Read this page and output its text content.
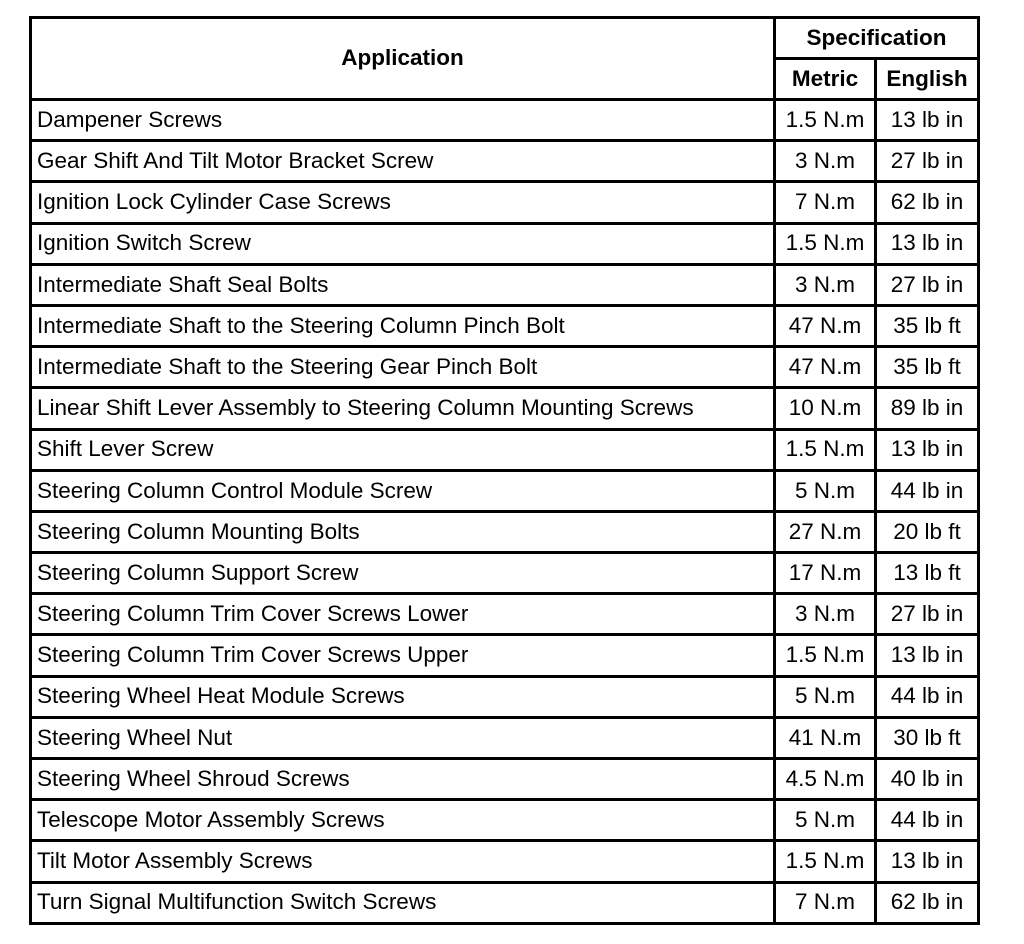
Application	Specification	
	Metric	English
Dampener Screws	1.5 N.m	13 lb in
Gear Shift And Tilt Motor Bracket Screw	3 N.m	27 lb in
Ignition Lock Cylinder Case Screws	7 N.m	62 lb in
Ignition Switch Screw	1.5 N.m	13 lb in
Intermediate Shaft Seal Bolts	3 N.m	27 lb in
Intermediate Shaft to the Steering Column Pinch Bolt	47 N.m	35 lb ft
Intermediate Shaft to the Steering Gear Pinch Bolt	47 N.m	35 lb ft
Linear Shift Lever Assembly to Steering Column Mounting Screws	10 N.m	89 lb in
Shift Lever Screw	1.5 N.m	13 lb in
Steering Column Control Module Screw	5 N.m	44 lb in
Steering Column Mounting Bolts	27 N.m	20 lb ft
Steering Column Support Screw	17 N.m	13 lb ft
Steering Column Trim Cover Screws Lower	3 N.m	27 lb in
Steering Column Trim Cover Screws Upper	1.5 N.m	13 lb in
Steering Wheel Heat Module Screws	5 N.m	44 lb in
Steering Wheel Nut	41 N.m	30 lb ft
Steering Wheel Shroud Screws	4.5 N.m	40 lb in
Telescope Motor Assembly Screws	5 N.m	44 lb in
Tilt Motor Assembly Screws	1.5 N.m	13 lb in
Turn Signal Multifunction Switch Screws	7 N.m	62 lb in
